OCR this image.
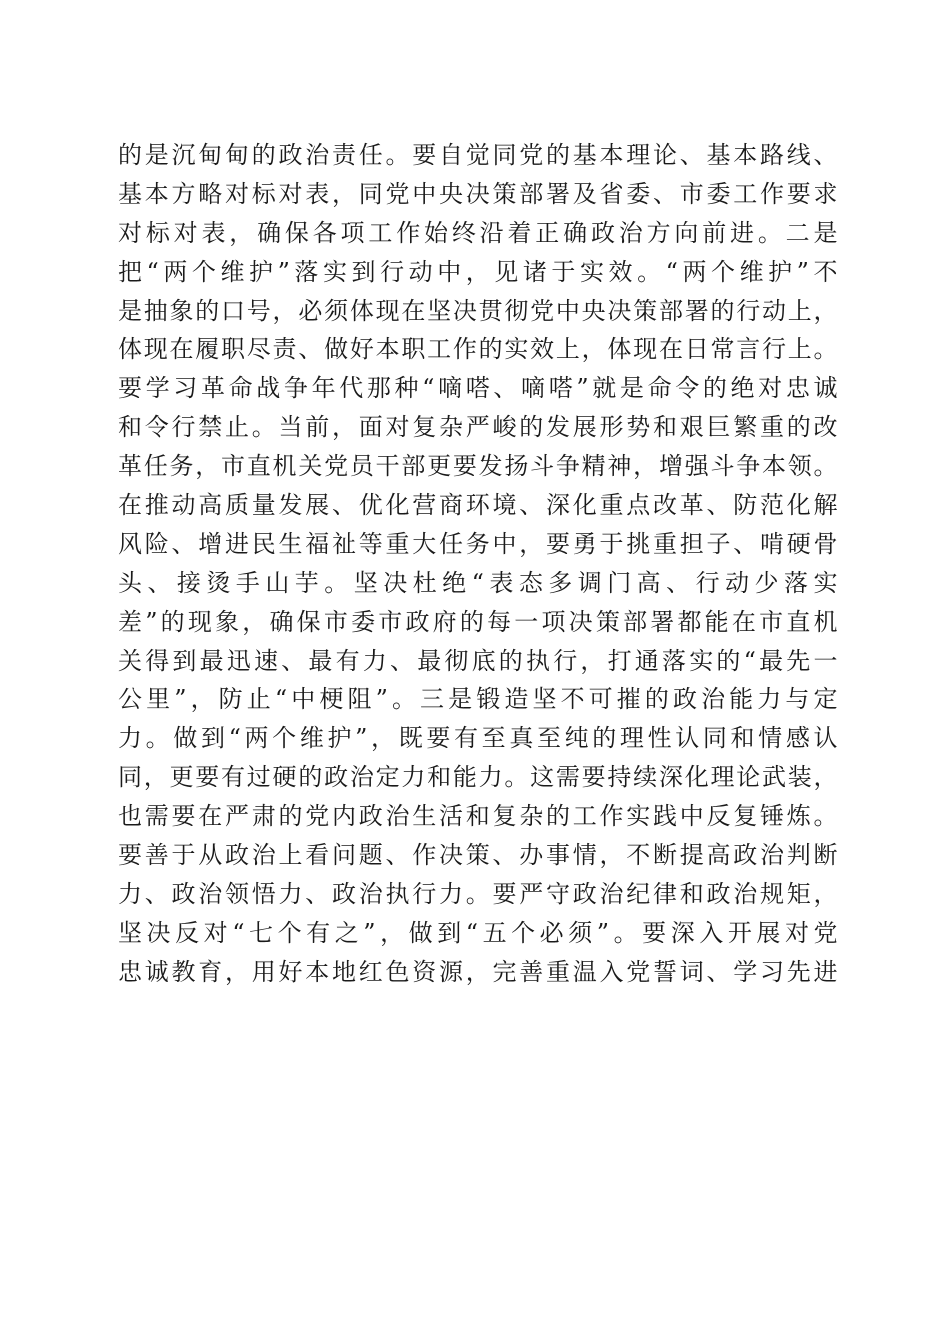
的是沉甸甸的政治责任。要自觉同党的基本理论、基本路线、
基本方略对标对表，同党中央决策部署及省委、市委工作要求
对标对表，确保各项工作始终沿着正确政治方向前进。二是
把“两个维护”落实到行动中，见诸于实效。“两个维护”不
是抽象的口号，必须体现在坚决贯彻党中央决策部署的行动上，
体现在履职尽责、做好本职工作的实效上，体现在日常言行上。
要学习革命战争年代那种“嘀嗒、嘀嗒”就是命令的绝对忠诚
和令行禁止。当前，面对复杂严峻的发展形势和艰巨繁重的改
革任务，市直机关党员干部更要发扬斗争精神，增强斗争本领。
在推动高质量发展、优化营商环境、深化重点改革、防范化解
风险、增进民生福祉等重大任务中，要勇于挑重担子、啃硬骨
头、接烫手山芋。坚决杜绝“表态多调门高、行动少落实
差”的现象，确保市委市政府的每一项决策部署都能在市直机
关得到最迅速、最有力、最彻底的执行，打通落实的“最先一
公里”，防止“中梗阻”。三是锻造坚不可摧的政治能力与定
力。做到“两个维护”，既要有至真至纯的理性认同和情感认
同，更要有过硬的政治定力和能力。这需要持续深化理论武装，
也需要在严肃的党内政治生活和复杂的工作实践中反复锤炼。
要善于从政治上看问题、作决策、办事情，不断提高政治判断
力、政治领悟力、政治执行力。要严守政治纪律和政治规矩，
坚决反对“七个有之”，做到“五个必须”。要深入开展对党
忠诚教育，用好本地红色资源，完善重温入党誓词、学习先进
